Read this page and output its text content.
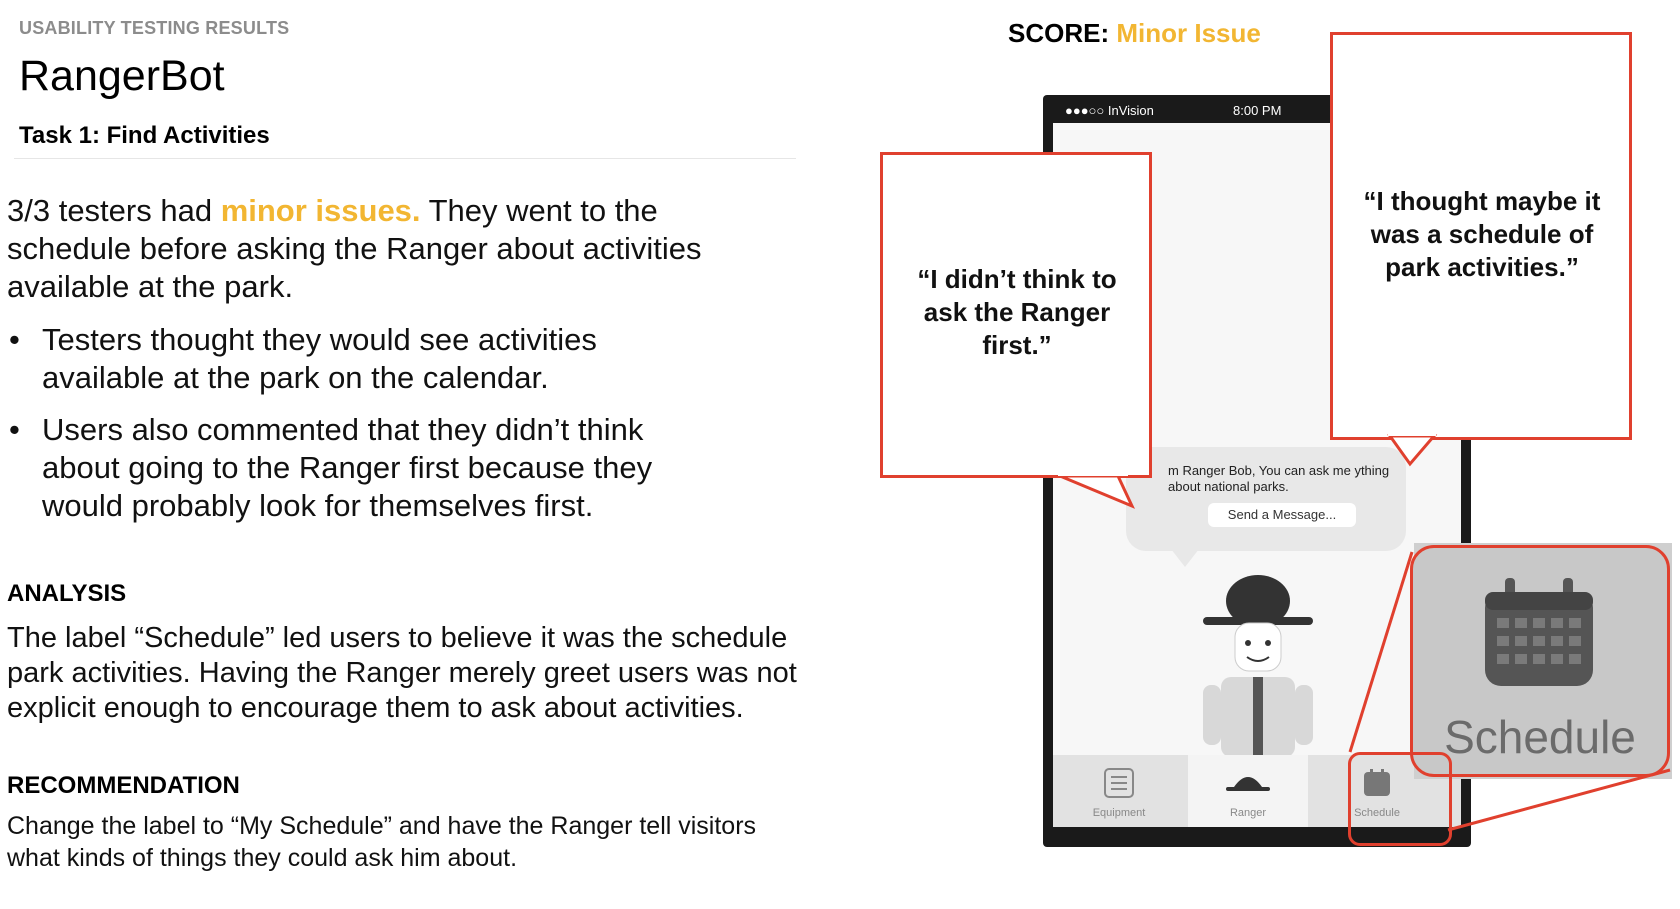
USABILITY TESTING RESULTS
RangerBot
Task 1: Find Activities
3/3 testers had minor issues. They went to the schedule before asking the Ranger about activities available at the park.
• Testers thought they would see activities available at the park on the calendar.
• Users also commented that they didn’t think about going to the Ranger first because they would probably look for themselves first.
ANALYSIS
The label “Schedule” led users to believe it was the schedule park activities. Having the Ranger merely greet users was not explicit enough to encourage them to ask about activities.
RECOMMENDATION
Change the label to “My Schedule” and have the Ranger tell visitors what kinds of things they could ask him about.
SCORE: Minor Issue
●●●○○ InVision	8:00 PM
m Ranger Bob, You can ask me ything about national parks.
Send a Message...
Equipment	Ranger	Schedule
“I didn’t think to ask the Ranger first.”
“I thought maybe it was a schedule of park activities.”
Schedule
